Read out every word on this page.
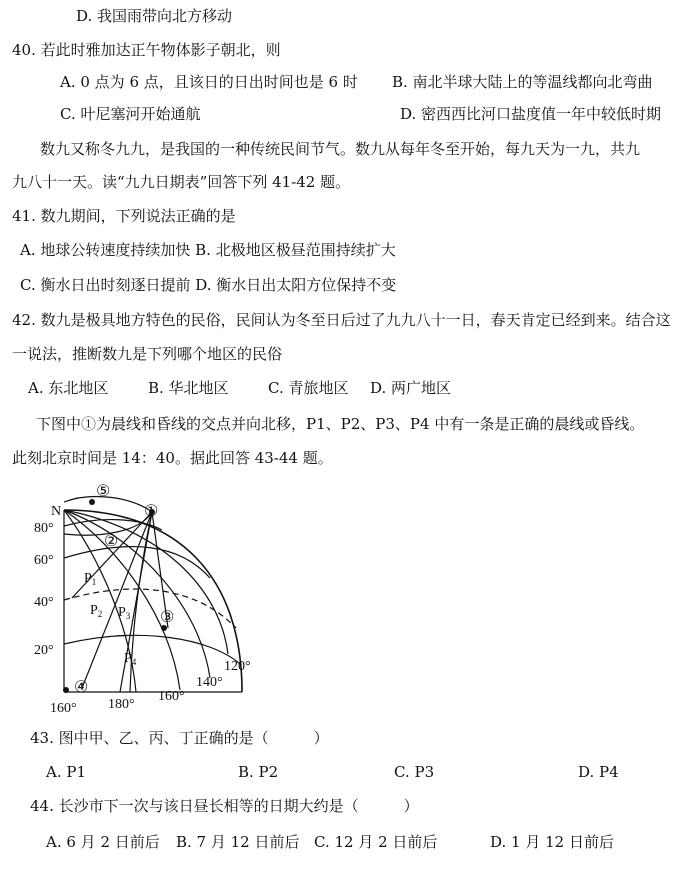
D. 我国雨带向北方移动
40. 若此时雅加达正午物体影子朝北，则
A. 0 点为 6 点，且该日的日出时间也是 6 时 B. 南北半球大陆上的等温线都向北弯曲
C. 叶尼塞河开始通航	D. 密西西比河口盐度值一年中较低时期
数九又称冬九九，是我国的一种传统民间节气。数九从每年冬至开始，每九天为一九，共九
九八十一天。读“九九日期表”回答下列 41-42 题。
41. 数九期间，下列说法正确的是
A. 地球公转速度持续加快 B. 北极地区极昼范围持续扩大
C. 衡水日出时刻逐日提前 D. 衡水日出太阳方位保持不变
42. 数九是极具地方特色的民俗，民间认为冬至日后过了九九八十一日，春天肯定已经到来。结合这
一说法，推断数九是下列哪个地区的民俗
A. 东北地区	B. 华北地区	C. 青旅地区 D. 两广地区
下图中①为晨线和昏线的交点并向北移，P1、P2、P3、P4 中有一条是正确的晨线或昏线。
此刻北京时间是 14：40。据此回答 43-44 题。
N
80°
60°
40°
20°
160° 180°
160°
140°
120°
①
②
③
④
⑤
$P_1$
$P_2$ $P_3$
$P_4$
43. 图中甲、乙、丙、丁正确的是（　　　）
A. P1	B. P2	C. P3	D. P4
44. 长沙市下一次与该日昼长相等的日期大约是（　　　）
A. 6 月 2 日前后 B. 7 月 12 日前后 C. 12 月 2 日前后	D. 1 月 12 日前后
